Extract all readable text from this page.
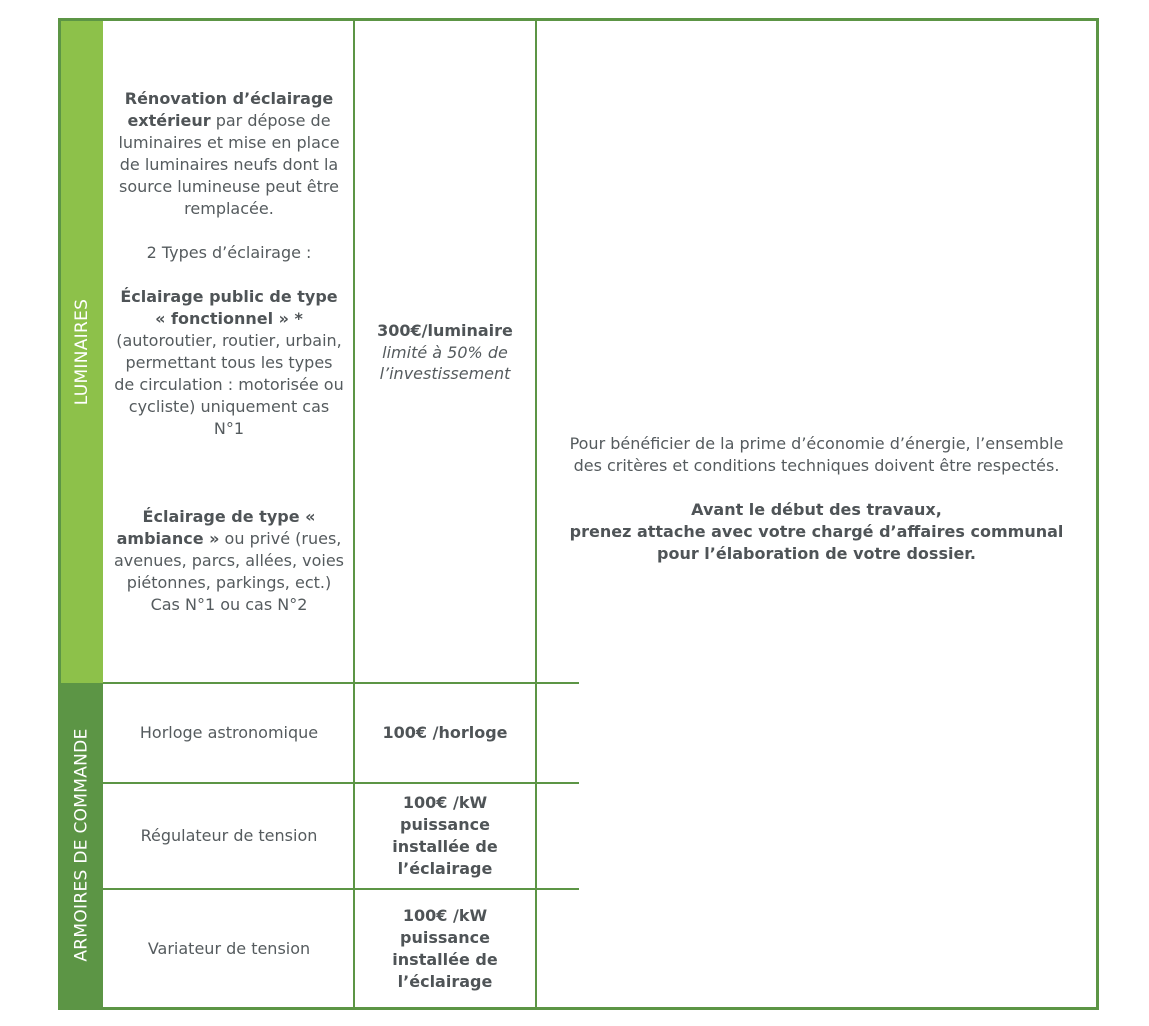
LUMINAIRES
ARMOIRES DE COMMANDE

Rénovation d’éclairage extérieur par dépose de luminaires et mise en place de luminaires neufs dont la source lumineuse peut être remplacée.

2 Types d’éclairage :

Éclairage public de type « fonctionnel » * (autoroutier, routier, urbain, permettant tous les types de circulation : motorisée ou cycliste) uniquement cas N°1

Éclairage de type « ambiance » ou privé (rues, avenues, parcs, allées, voies piétonnes, parkings, ect.) Cas N°1 ou cas N°2

300€/luminaire

limité à 50% de l’investissement

Horloge astronomique	100€ /horloge
Régulateur de tension
100€ /kW puissance installée de l’éclairage
Variateur de tension
100€ /kW puissance installée de l’éclairage

Pour bénéficier de la prime d’économie d’énergie, l’ensemble des critères et conditions techniques doivent être respectés.

Avant le début des travaux,

prenez attache avec votre chargé d’affaires communal

pour l’élaboration de votre dossier.
